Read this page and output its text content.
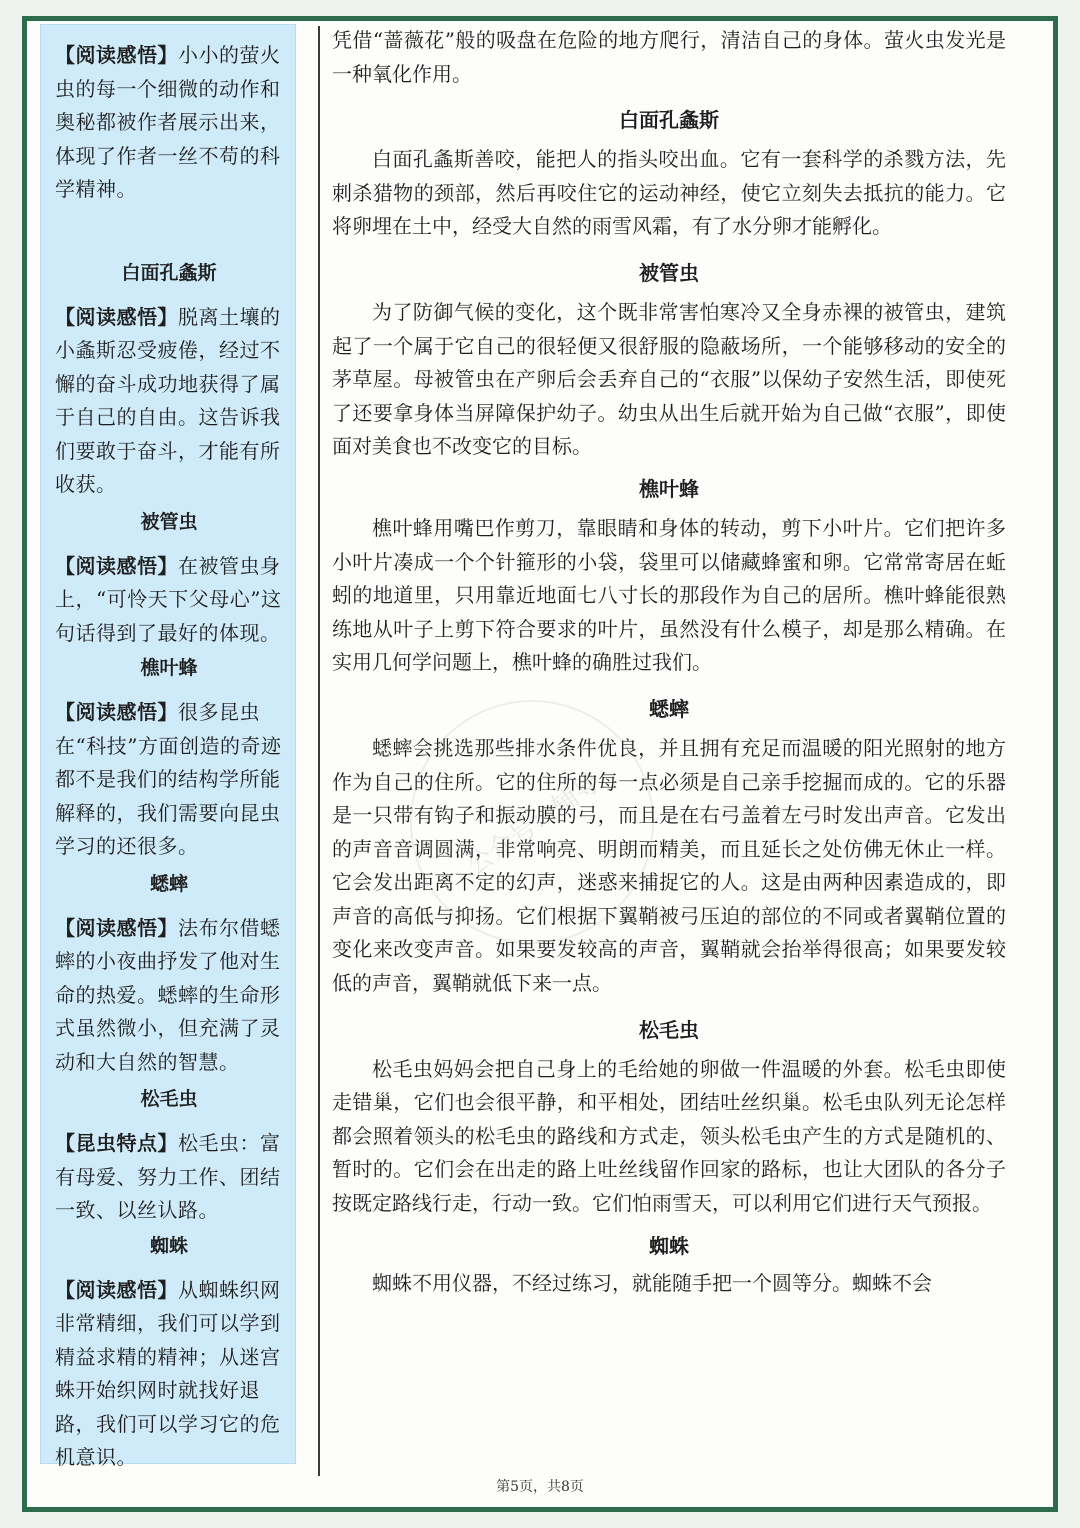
【阅读感悟】小小的萤火虫的每一个细微的动作和奥秘都被作者展示出来，体现了作者一丝不苟的科学精神。

白面孔螽斯

【阅读感悟】脱离土壤的小螽斯忍受疲倦，经过不懈的奋斗成功地获得了属于自己的自由。这告诉我们要敢于奋斗，才能有所收获。

被管虫

【阅读感悟】在被管虫身上，“可怜天下父母心”这句话得到了最好的体现。

樵叶蜂

【阅读感悟】很多昆虫在“科技”方面创造的奇迹都不是我们的结构学所能解释的，我们需要向昆虫学习的还很多。

蟋蟀

【阅读感悟】法布尔借蟋蟀的小夜曲抒发了他对生命的热爱。蟋蟀的生命形式虽然微小，但充满了灵动和大自然的智慧。

松毛虫

【昆虫特点】松毛虫：富有母爱、努力工作、团结一致、以丝认路。

蜘蛛

【阅读感悟】从蜘蛛织网非常精细，我们可以学到精益求精的精神；从迷宫蛛开始织网时就找好退路，我们可以学习它的危机意识。

凭借“蔷薇花”般的吸盘在危险的地方爬行，清洁自己的身体。萤火虫发光是一种氧化作用。

白面孔螽斯

白面孔螽斯善咬，能把人的指头咬出血。它有一套科学的杀戮方法，先刺杀猎物的颈部，然后再咬住它的运动神经，使它立刻失去抵抗的能力。它将卵埋在土中，经受大自然的雨雪风霜，有了水分卵才能孵化。

被管虫

为了防御气候的变化，这个既非常害怕寒冷又全身赤裸的被管虫，建筑起了一个属于它自己的很轻便又很舒服的隐蔽场所，一个能够移动的安全的茅草屋。母被管虫在产卵后会丢弃自己的“衣服”以保幼子安然生活，即使死了还要拿身体当屏障保护幼子。幼虫从出生后就开始为自己做“衣服”，即使面对美食也不改变它的目标。

樵叶蜂

樵叶蜂用嘴巴作剪刀，靠眼睛和身体的转动，剪下小叶片。它们把许多小叶片凑成一个个针箍形的小袋，袋里可以储藏蜂蜜和卵。它常常寄居在蚯蚓的地道里，只用靠近地面七八寸长的那段作为自己的居所。樵叶蜂能很熟练地从叶子上剪下符合要求的叶片，虽然没有什么模子，却是那么精确。在实用几何学问题上，樵叶蜂的确胜过我们。

蟋蟀

蟋蟀会挑选那些排水条件优良，并且拥有充足而温暖的阳光照射的地方作为自己的住所。它的住所的每一点必须是自己亲手挖掘而成的。它的乐器是一只带有钩子和振动膜的弓，而且是在右弓盖着左弓时发出声音。它发出的声音音调圆满，非常响亮、明朗而精美，而且延长之处仿佛无休止一样。它会发出距离不定的幻声，迷惑来捕捉它的人。这是由两种因素造成的，即声音的高低与抑扬。它们根据下翼鞘被弓压迫的部位的不同或者翼鞘位置的变化来改变声音。如果要发较高的声音，翼鞘就会抬举得很高；如果要发较低的声音，翼鞘就低下来一点。

松毛虫

松毛虫妈妈会把自己身上的毛给她的卵做一件温暖的外套。松毛虫即使走错巢，它们也会很平静，和平相处，团结吐丝织巢。松毛虫队列无论怎样都会照着领头的松毛虫的路线和方式走，领头松毛虫产生的方式是随机的、暂时的。它们会在出走的路上吐丝线留作回家的路标，也让大团队的各分子按既定路线行走，行动一致。它们怕雨雪天，可以利用它们进行天气预报。

蜘蛛

蜘蛛不用仪器，不经过练习，就能随手把一个圆等分。蜘蛛不会

第5页，共8页
